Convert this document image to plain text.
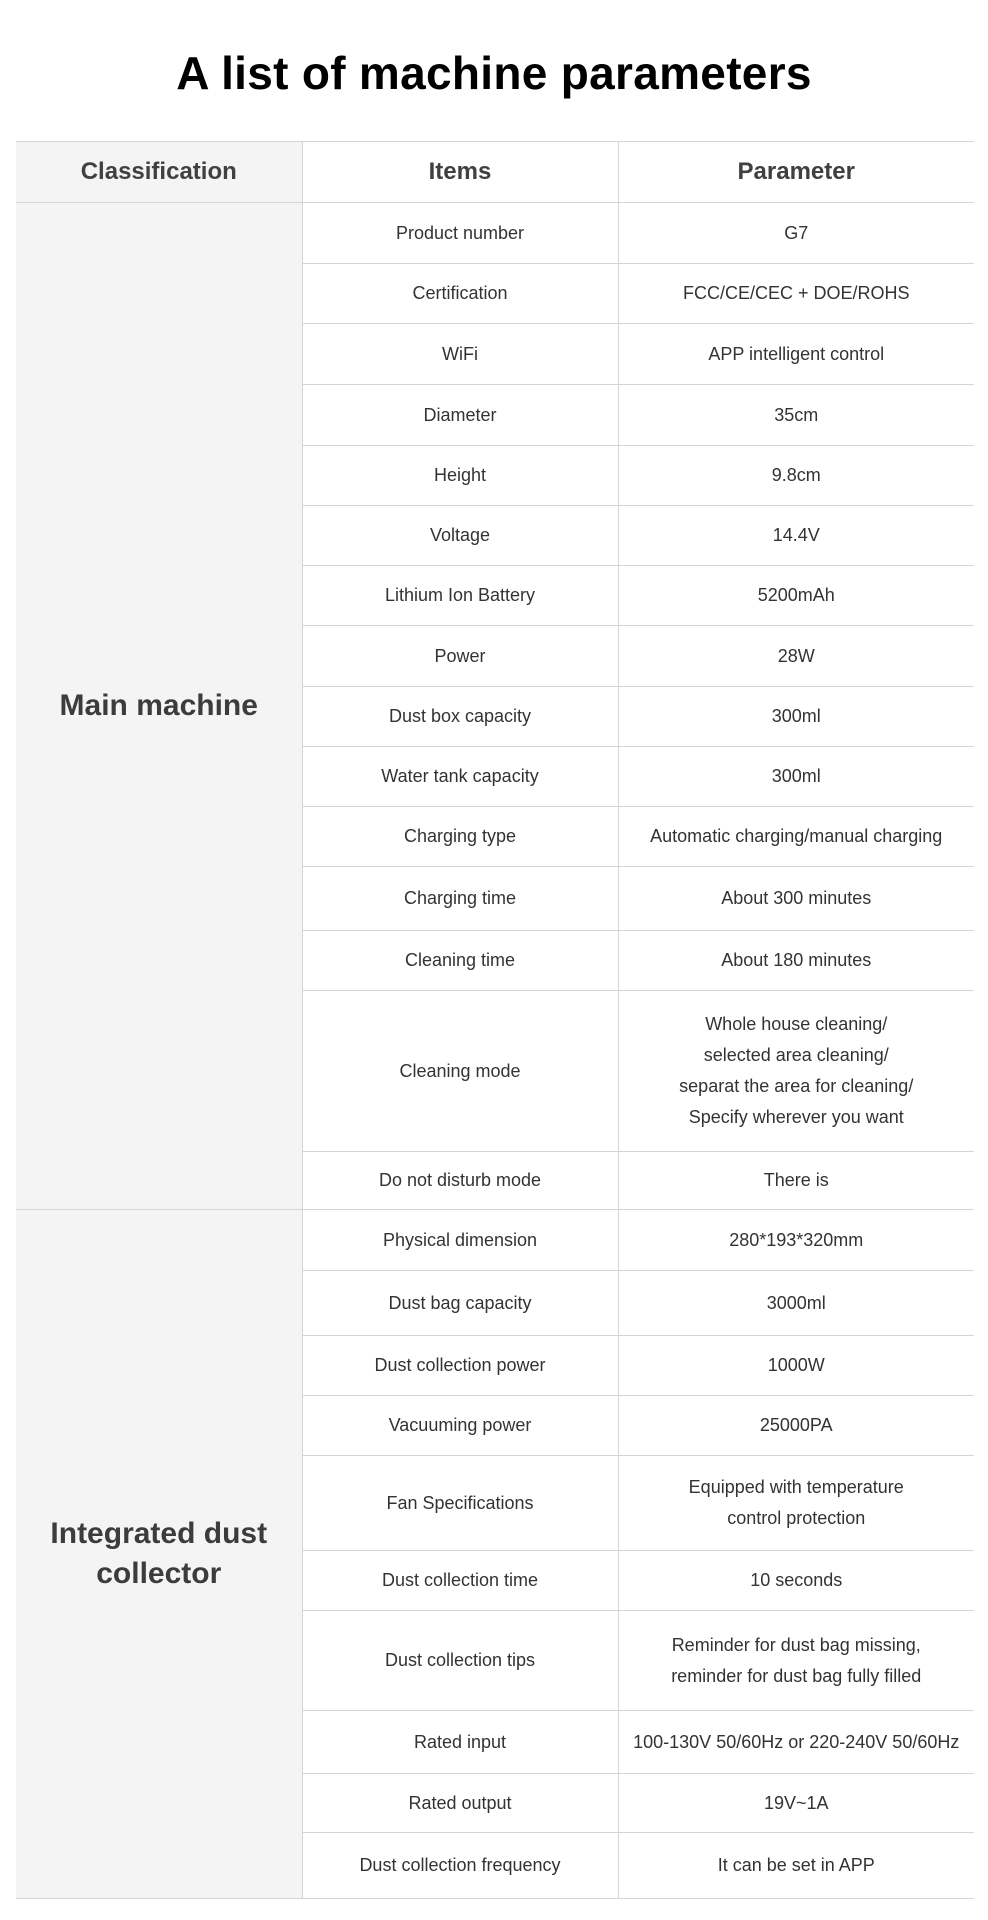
A list of machine parameters
Classification	Items	Parameter
Main machine	Product number	G7

	Certification	FCC/CE/CEC + DOE/ROHS

	WiFi	APP intelligent control

	Diameter	35cm

	Height	9.8cm

	Voltage	14.4V

	Lithium Ion Battery	5200mAh

	Power	28W

	Dust box capacity	300ml

	Water tank capacity	300ml

	Charging type	Automatic charging/manual charging

	Charging time	About 300 minutes

	Cleaning time	About 180 minutes

	Cleaning mode	Whole house cleaning/
selected area cleaning/
separat the area for cleaning/
Specify wherever you want

	Do not disturb mode	There is

Integrated dust collector	Physical dimension	280*193*320mm

	Dust bag capacity	3000ml

	Dust collection power	1000W

	Vacuuming power	25000PA

	Fan Specifications	Equipped with temperature
control protection

	Dust collection time	10 seconds

	Dust collection tips	Reminder for dust bag missing,
reminder for dust bag fully filled

	Rated input	100-130V 50/60Hz or 220-240V 50/60Hz

	Rated output	19V~1A

	Dust collection frequency	It can be set in APP
